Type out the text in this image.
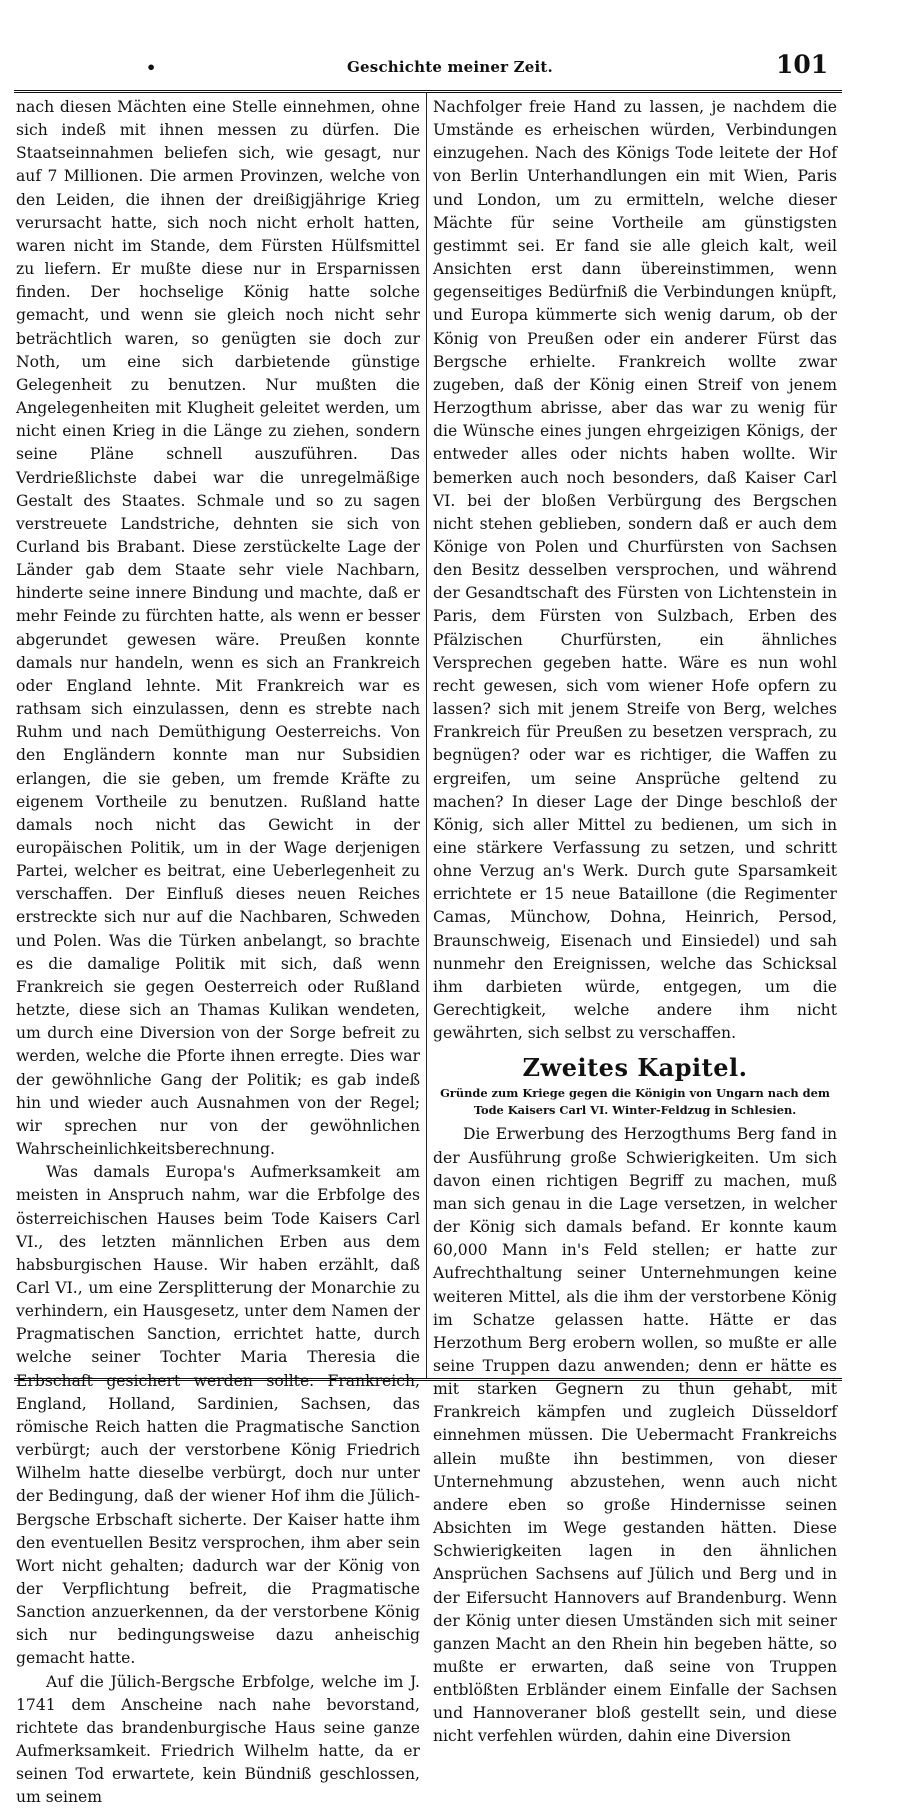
•	Geschichte meiner Zeit.	101

nach diesen Mächten eine Stelle einnehmen, ohne sich indeß mit ihnen messen zu dürfen. Die Staatseinnahmen beliefen sich, wie gesagt, nur auf 7 Millionen. Die armen Provinzen, welche von den Leiden, die ihnen der dreißigjährige Krieg verursacht hatte, sich noch nicht erholt hatten, waren nicht im Stande, dem Fürsten Hülfsmittel zu liefern. Er mußte diese nur in Ersparnissen finden. Der hochselige König hatte solche gemacht, und wenn sie gleich noch nicht sehr beträchtlich waren, so genügten sie doch zur Noth, um eine sich darbietende günstige Gelegenheit zu benutzen. Nur mußten die Angelegenheiten mit Klugheit geleitet werden, um nicht einen Krieg in die Länge zu ziehen, sondern seine Pläne schnell auszuführen. Das Verdrießlichste dabei war die unregelmäßige Gestalt des Staates. Schmale und so zu sagen verstreuete Landstriche, dehnten sie sich von Curland bis Brabant. Diese zerstückelte Lage der Länder gab dem Staate sehr viele Nachbarn, hinderte seine innere Bindung und machte, daß er mehr Feinde zu fürchten hatte, als wenn er besser abgerundet gewesen wäre. Preußen konnte damals nur handeln, wenn es sich an Frankreich oder England lehnte. Mit Frankreich war es rathsam sich einzulassen, denn es strebte nach Ruhm und nach Demüthigung Oesterreichs. Von den Engländern konnte man nur Subsidien erlangen, die sie geben, um fremde Kräfte zu eigenem Vortheile zu benutzen. Rußland hatte damals noch nicht das Gewicht in der europäischen Politik, um in der Wage derjenigen Partei, welcher es beitrat, eine Ueberlegenheit zu verschaffen. Der Einfluß dieses neuen Reiches erstreckte sich nur auf die Nachbaren, Schweden und Polen. Was die Türken anbelangt, so brachte es die damalige Politik mit sich, daß wenn Frankreich sie gegen Oesterreich oder Rußland hetzte, diese sich an Thamas Kulikan wendeten, um durch eine Diversion von der Sorge befreit zu werden, welche die Pforte ihnen erregte. Dies war der gewöhnliche Gang der Politik; es gab indeß hin und wieder auch Ausnahmen von der Regel; wir sprechen nur von der gewöhnlichen Wahrscheinlichkeitsberechnung.

Was damals Europa's Aufmerksamkeit am meisten in Anspruch nahm, war die Erbfolge des österreichischen Hauses beim Tode Kaisers Carl VI., des letzten männlichen Erben aus dem habsburgischen Hause. Wir haben erzählt, daß Carl VI., um eine Zersplitterung der Monarchie zu verhindern, ein Hausgesetz, unter dem Namen der Pragmatischen Sanction, errichtet hatte, durch welche seiner Tochter Maria Theresia die Erbschaft gesichert werden sollte. Frankreich, England, Holland, Sardinien, Sachsen, das römische Reich hatten die Pragmatische Sanction verbürgt; auch der verstorbene König Friedrich Wilhelm hatte dieselbe verbürgt, doch nur unter der Bedingung, daß der wiener Hof ihm die Jülich-Bergsche Erbschaft sicherte. Der Kaiser hatte ihm den eventuellen Besitz versprochen, ihm aber sein Wort nicht gehalten; dadurch war der König von der Verpflichtung befreit, die Pragmatische Sanction anzuerkennen, da der verstorbene König sich nur bedingungsweise dazu anheischig gemacht hatte.

Auf die Jülich-Bergsche Erbfolge, welche im J. 1741 dem Anscheine nach nahe bevorstand, richtete das brandenburgische Haus seine ganze Aufmerksamkeit. Friedrich Wilhelm hatte, da er seinen Tod erwartete, kein Bündniß geschlossen, um seinem

Nachfolger freie Hand zu lassen, je nachdem die Umstände es erheischen würden, Verbindungen einzugehen. Nach des Königs Tode leitete der Hof von Berlin Unterhandlungen ein mit Wien, Paris und London, um zu ermitteln, welche dieser Mächte für seine Vortheile am günstigsten gestimmt sei. Er fand sie alle gleich kalt, weil Ansichten erst dann übereinstimmen, wenn gegenseitiges Bedürfniß die Verbindungen knüpft, und Europa kümmerte sich wenig darum, ob der König von Preußen oder ein anderer Fürst das Bergsche erhielte. Frankreich wollte zwar zugeben, daß der König einen Streif von jenem Herzogthum abrisse, aber das war zu wenig für die Wünsche eines jungen ehrgeizigen Königs, der entweder alles oder nichts haben wollte. Wir bemerken auch noch besonders, daß Kaiser Carl VI. bei der bloßen Verbürgung des Bergschen nicht stehen geblieben, sondern daß er auch dem Könige von Polen und Churfürsten von Sachsen den Besitz desselben versprochen, und während der Gesandtschaft des Fürsten von Lichtenstein in Paris, dem Fürsten von Sulzbach, Erben des Pfälzischen Churfürsten, ein ähnliches Versprechen gegeben hatte. Wäre es nun wohl recht gewesen, sich vom wiener Hofe opfern zu lassen? sich mit jenem Streife von Berg, welches Frankreich für Preußen zu besetzen versprach, zu begnügen? oder war es richtiger, die Waffen zu ergreifen, um seine Ansprüche geltend zu machen? In dieser Lage der Dinge beschloß der König, sich aller Mittel zu bedienen, um sich in eine stärkere Verfassung zu setzen, und schritt ohne Verzug an's Werk. Durch gute Sparsamkeit errichtete er 15 neue Bataillone (die Regimenter Camas, Münchow, Dohna, Heinrich, Persod, Braunschweig, Eisenach und Einsiedel) und sah nunmehr den Ereignissen, welche das Schicksal ihm darbieten würde, entgegen, um die Gerechtigkeit, welche andere ihm nicht gewährten, sich selbst zu verschaffen.

Zweites Kapitel.
Gründe zum Kriege gegen die Königin von Ungarn nach dem Tode Kaisers Carl VI. Winter-Feldzug in Schlesien.

Die Erwerbung des Herzogthums Berg fand in der Ausführung große Schwierigkeiten. Um sich davon einen richtigen Begriff zu machen, muß man sich genau in die Lage versetzen, in welcher der König sich damals befand. Er konnte kaum 60,000 Mann in's Feld stellen; er hatte zur Aufrechthaltung seiner Unternehmungen keine weiteren Mittel, als die ihm der verstorbene König im Schatze gelassen hatte. Hätte er das Herzothum Berg erobern wollen, so mußte er alle seine Truppen dazu anwenden; denn er hätte es mit starken Gegnern zu thun gehabt, mit Frankreich kämpfen und zugleich Düsseldorf einnehmen müssen. Die Uebermacht Frankreichs allein mußte ihn bestimmen, von dieser Unternehmung abzustehen, wenn auch nicht andere eben so große Hindernisse seinen Absichten im Wege gestanden hätten. Diese Schwierigkeiten lagen in den ähnlichen Ansprüchen Sachsens auf Jülich und Berg und in der Eifersucht Hannovers auf Brandenburg. Wenn der König unter diesen Umständen sich mit seiner ganzen Macht an den Rhein hin begeben hätte, so mußte er erwarten, daß seine von Truppen entblößten Erbländer einem Einfalle der Sachsen und Hannoveraner bloß gestellt sein, und diese nicht verfehlen würden, dahin eine Diversion
